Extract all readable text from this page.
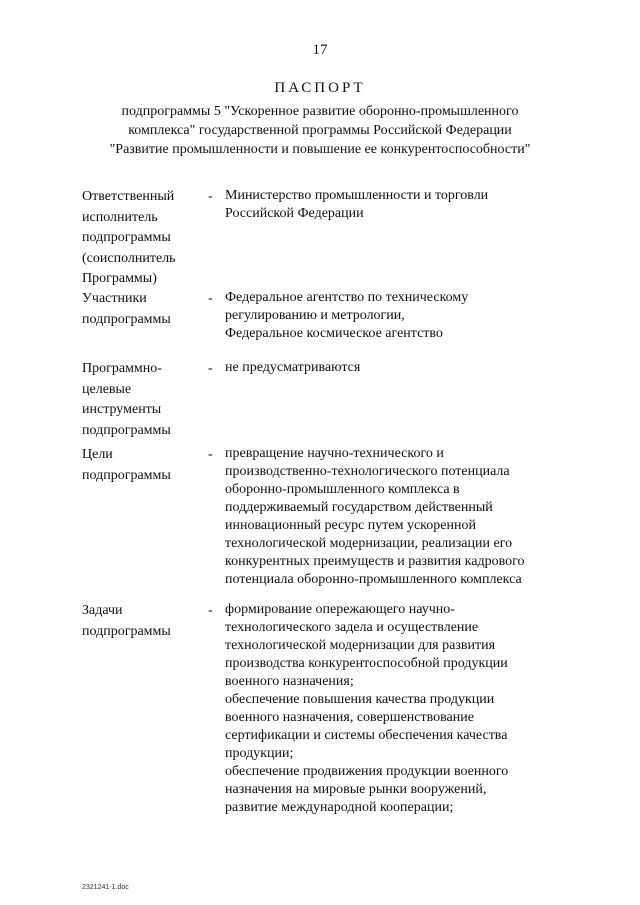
17
ПАСПОРТ
подпрограммы 5 "Ускоренное развитие оборонно-промышленного
комплекса" государственной программы Российской Федерации
"Развитие промышленности и повышение ее конкурентоспособности"
Ответственный
исполнитель
подпрограммы
(соисполнитель
Программы)
- Министерство промышленности и торговли
Российской Федерации
Участники
подпрограммы
- Федеральное агентство по техническому
регулированию и метрологии,
Федеральное космическое агентство
Программно-
целевые
инструменты
подпрограммы
- не предусматриваются
Цели
подпрограммы
- превращение научно-технического и
производственно-технологического потенциала
оборонно-промышленного комплекса в
поддерживаемый государством действенный
инновационный ресурс путем ускоренной
технологической модернизации, реализации его
конкурентных преимуществ и развития кадрового
потенциала оборонно-промышленного комплекса
Задачи
подпрограммы
- формирование опережающего научно-
технологического задела и осуществление
технологической модернизации для развития
производства конкурентоспособной продукции
военного назначения;
обеспечение повышения качества продукции
военного назначения, совершенствование
сертификации и системы обеспечения качества
продукции;
обеспечение продвижения продукции военного
назначения на мировые рынки вооружений,
развитие международной кооперации;
2321241-1.doc
